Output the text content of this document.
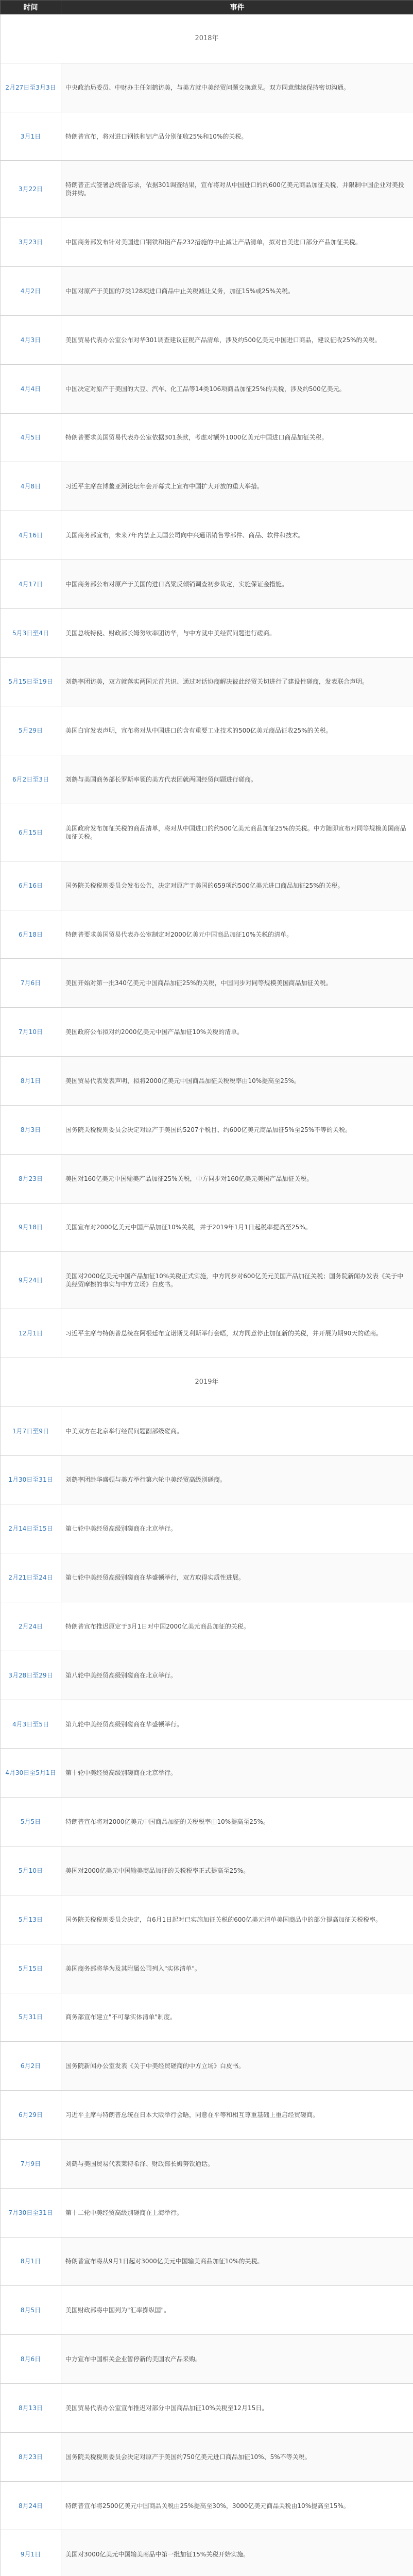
时间	事件
2018年	
2月27日至3月3日	中央政治局委员、中财办主任刘鹤访美，与美方就中美经贸问题交换意见。双方同意继续保持密切沟通。
3月1日	特朗普宣布，将对进口钢铁和铝产品分别征收25%和10%的关税。
3月22日	特朗普正式签署总统备忘录，依据301调查结果，宣布将对从中国进口的约600亿美元商品加征关税，并限制中国企业对美投资并购。
3月23日	中国商务部发布针对美国进口钢铁和铝产品232措施的中止减让产品清单，拟对自美进口部分产品加征关税。
4月2日	中国对原产于美国的7类128项进口商品中止关税减让义务，加征15%或25%关税。
4月3日	美国贸易代表办公室公布对华301调查建议征税产品清单，涉及约500亿美元中国进口商品，建议征收25%的关税。
4月4日	中国决定对原产于美国的大豆、汽车、化工品等14类106项商品加征25%的关税，涉及约500亿美元。
4月5日	特朗普要求美国贸易代表办公室依据301条款，考虑对额外1000亿美元中国进口商品加征关税。
4月8日	习近平主席在博鳌亚洲论坛年会开幕式上宣布中国扩大开放的重大举措。
4月16日	美国商务部宣布，未来7年内禁止美国公司向中兴通讯销售零部件、商品、软件和技术。
4月17日	中国商务部公布对原产于美国的进口高粱反倾销调查初步裁定，实施保证金措施。
5月3日至4日	美国总统特使、财政部长姆努钦率团访华，与中方就中美经贸问题进行磋商。
5月15日至19日	刘鹤率团访美，双方就落实两国元首共识、通过对话协商解决彼此经贸关切进行了建设性磋商，发表联合声明。
5月29日	美国白宫发表声明，宣布将对从中国进口的含有重要工业技术的500亿美元商品征收25%的关税。
6月2日至3日	刘鹤与美国商务部长罗斯率领的美方代表团就两国经贸问题进行磋商。
6月15日	美国政府发布加征关税的商品清单，将对从中国进口的约500亿美元商品加征25%的关税。中方随即宣布对同等规模美国商品加征关税。
6月16日	国务院关税税则委员会发布公告，决定对原产于美国的659项约500亿美元进口商品加征25%的关税。
6月18日	特朗普要求美国贸易代表办公室制定对2000亿美元中国商品加征10%关税的清单。
7月6日	美国开始对第一批340亿美元中国商品加征25%的关税，中国同步对同等规模美国商品加征关税。
7月10日	美国政府公布拟对约2000亿美元中国产品加征10%关税的清单。
8月1日	美国贸易代表发表声明，拟将2000亿美元中国商品加征关税税率由10%提高至25%。
8月3日	国务院关税税则委员会决定对原产于美国的5207个税目、约600亿美元商品加征5%至25%不等的关税。
8月23日	美国对160亿美元中国输美产品加征25%关税，中方同步对160亿美元美国产品加征关税。
9月18日	美国宣布对2000亿美元中国产品加征10%关税，并于2019年1月1日起税率提高至25%。
9月24日	美国对2000亿美元中国产品加征10%关税正式实施，中方同步对600亿美元美国产品加征关税；国务院新闻办发表《关于中美经贸摩擦的事实与中方立场》白皮书。
12月1日	习近平主席与特朗普总统在阿根廷布宜诺斯艾利斯举行会晤，双方同意停止加征新的关税，并开展为期90天的磋商。
2019年	
1月7日至9日	中美双方在北京举行经贸问题副部级磋商。
1月30日至31日	刘鹤率团赴华盛顿与美方举行第六轮中美经贸高级别磋商。
2月14日至15日	第七轮中美经贸高级别磋商在北京举行。
2月21日至24日	第七轮中美经贸高级别磋商在华盛顿举行，双方取得实质性进展。
2月24日	特朗普宣布推迟原定于3月1日对中国2000亿美元商品加征的关税。
3月28日至29日	第八轮中美经贸高级别磋商在北京举行。
4月3日至5日	第九轮中美经贸高级别磋商在华盛顿举行。
4月30日至5月1日	第十轮中美经贸高级别磋商在北京举行。
5月5日	特朗普宣布将对2000亿美元中国商品加征的关税税率由10%提高至25%。
5月10日	美国对2000亿美元中国输美商品加征的关税税率正式提高至25%。
5月13日	国务院关税税则委员会决定，自6月1日起对已实施加征关税的600亿美元清单美国商品中的部分提高加征关税税率。
5月15日	美国商务部将华为及其附属公司列入"实体清单"。
5月31日	商务部宣布建立"不可靠实体清单"制度。
6月2日	国务院新闻办公室发表《关于中美经贸磋商的中方立场》白皮书。
6月29日	习近平主席与特朗普总统在日本大阪举行会晤，同意在平等和相互尊重基础上重启经贸磋商。
7月9日	刘鹤与美国贸易代表莱特希泽、财政部长姆努钦通话。
7月30日至31日	第十二轮中美经贸高级别磋商在上海举行。
8月1日	特朗普宣布将从9月1日起对3000亿美元中国输美商品加征10%的关税。
8月5日	美国财政部将中国列为"汇率操纵国"。
8月6日	中方宣布中国相关企业暂停新的美国农产品采购。
8月13日	美国贸易代表办公室宣布推迟对部分中国商品加征10%关税至12月15日。
8月23日	国务院关税税则委员会决定对原产于美国约750亿美元进口商品加征10%、5%不等关税。
8月24日	特朗普宣布将2500亿美元中国商品关税由25%提高至30%，3000亿美元商品关税由10%提高至15%。
9月1日	美国对3000亿美元中国输美商品中第一批加征15%关税开始实施。
